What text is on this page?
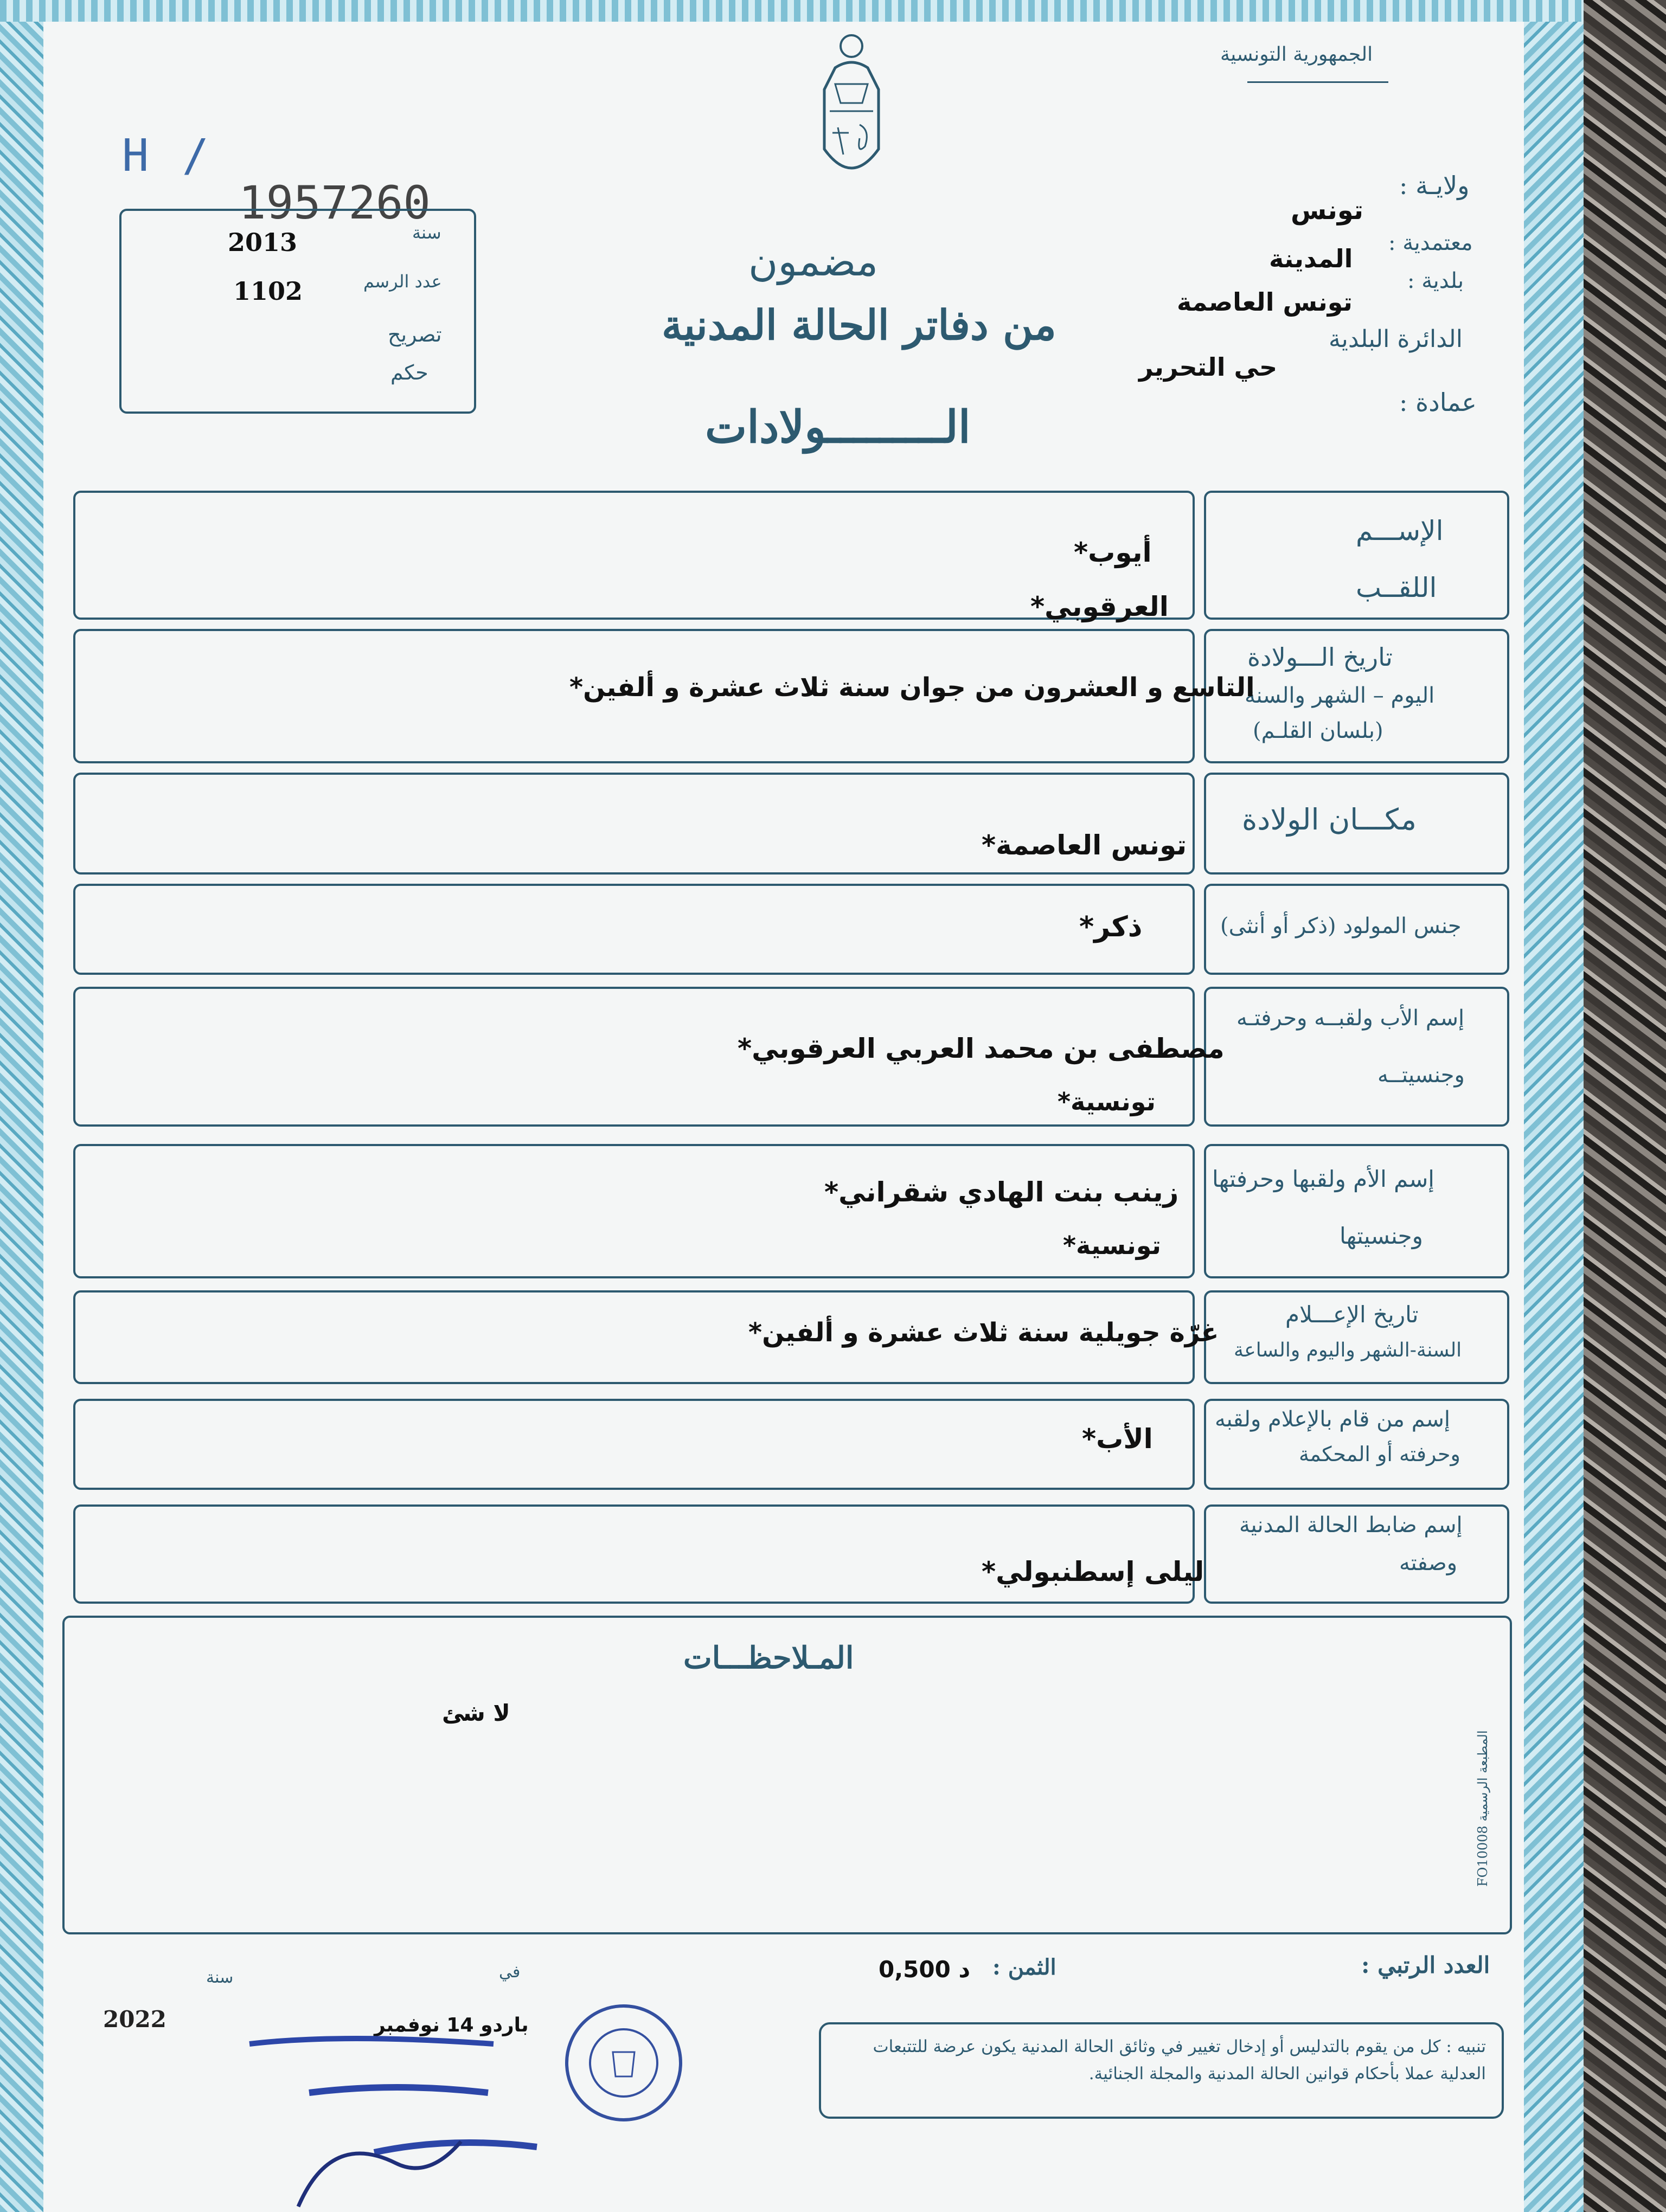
الجمهورية التونسية
H /
1957260
سنة
2013
عدد الرسم
1102
تصريح
حكم
مضمون
من دفاتر الحالة المدنية
الـــــــــولادات
ولايـة :
تونس
معتمدية :
المدينة
بلدية :
تونس العاصمة
الدائرة البلدية
حي التحرير
عمادة :
الإســـم
اللقــب
أيوب*
العرقوبي*
تاريخ الـــولادة
اليوم – الشهر والسنة
(بلسان القلـم)
التاسع و العشرون من جوان سنة ثلاث عشرة و ألفين*
مكـــان الولادة
تونس العاصمة*
جنس المولود (ذكر أو أنثى)
ذكر*
إسم الأب ولقبــه وحرفتـه
وجنسيتــه
مصطفى بن محمد العربي العرقوبي*
تونسية*
إسم الأم ولقبها وحرفتها
وجنسيتها
زينب بنت الهادي شقراني*
تونسية*
تاريخ الإعـــلام
السنة-الشهر واليوم والساعة
غرّة جويلية سنة ثلاث عشرة و ألفين*
إسم من قام بالإعلام ولقبه
وحرفته أو المحكمة
الأب*
إسم ضابط الحالة المدنية
وصفته
ليلى إسطنبولي*
المـلاحظـــات
لا شئ
المطبعة الرسمية FO10008
العدد الرتبي :
الثمن :
0,500 د
في
سنة
2022	باردو 14 نوفمبر
تنبيه : كل من يقوم بالتدليس أو إدخال تغيير في وثائق الحالة المدنية يكون عرضة للتتبعات العدلية عملا بأحكام قوانين الحالة المدنية والمجلة الجنائية.
